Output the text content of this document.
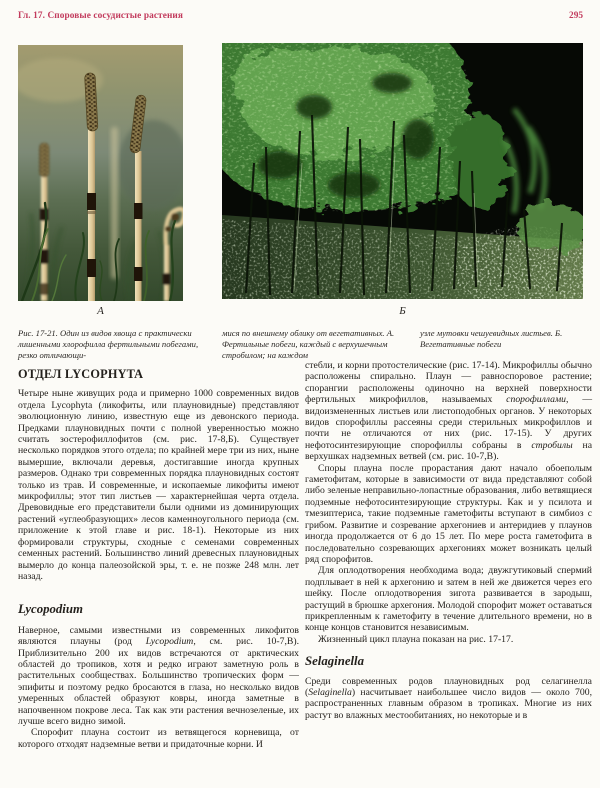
Гл. 17. Споровые сосудистые растения	295
А	Б
Рис. 17-21. Один из видов хвоща с практически лишенными хлорофилла фертильными побегами, резко отличающи-
мися по внешнему облику от вегетативных. А. Фертильные побеги, каждый с верхушечным стробилом; на каждом
узле мутовки чешуевидных листьев. Б. Вегетативные побеги
ОТДЕЛ LYCOPHYTA

Четыре ныне живущих рода и примерно 1000 современных видов отдела Lycophyta (ликофиты, или плауновидные) представляют эволюционную линию, известную еще из девонского периода. Предками плауновидных почти с полной уверенностью можно считать зостерофиллофитов (см. рис. 17-8,Б). Существует несколько порядков этого отдела; по крайней мере три из них, ныне вымершие, включали деревья, достигавшие иногда крупных размеров. Однако три современных порядка плауновидных состоят только из трав. И современные, и ископаемые ликофиты имеют микрофиллы; этот тип листьев — характернейшая черта отдела. Древовидные его представители были одними из доминирующих растений «углеобразующих» лесов каменноугольного периода (см. приложение к этой главе и рис. 18-1). Некоторые из них формировали структуры, сходные с семенами современных семенных растений. Большинство линий древесных плауновидных вымерло до конца палеозойской эры, т. е. не позже 248 млн. лет назад.

Lycopodium

Наверное, самыми известными из современных ликофитов являются плауны (род Lycopodium, см. рис. 10-7,В). Приблизительно 200 их видов встречаются от арктических областей до тропиков, хотя и редко играют заметную роль в растительных сообществах. Большинство тропических форм — эпифиты и поэтому редко бросаются в глаза, но несколько видов умеренных областей образуют ковры, иногда заметные в напочвенном покрове леса. Так как эти растения вечнозеленые, их лучше всего видно зимой.

Спорофит плауна состоит из ветвящегося корневища, от которого отходят надземные ветви и придаточные корни. И

стебли, и корни протостелические (рис. 17-14). Микрофиллы обычно расположены спирально. Плаун — равноспоровое растение; спорангии расположены одиночно на верхней поверхности фертильных микрофиллов, называемых спорофиллами, — видоизмененных листьев или листоподобных органов. У некоторых видов спорофиллы рассеяны среди стерильных микрофиллов и почти не отличаются от них (рис. 17-15). У других нефотосинтезирующие спорофиллы собраны в стробилы на верхушках надземных ветвей (см. рис. 10-7,В).

Споры плауна после прорастания дают начало обоеполым гаметофитам, которые в зависимости от вида представляют собой либо зеленые неправильно-лопастные образования, либо ветвящиеся подземные нефотосинтезирующие структуры. Как и у псилота и тмезиптериса, такие подземные гаметофиты вступают в симбиоз с грибом. Развитие и созревание архегониев и антеридиев у плаунов иногда продолжается от 6 до 15 лет. По мере роста гаметофита в последовательно созревающих архегониях может возникать целый ряд спорофитов.

Для оплодотворения необходима вода; двужгутиковый спермий подплывает в ней к архегонию и затем в ней же движется через его шейку. После оплодотворения зигота развивается в зародыш, растущий в брюшке архегония. Молодой спорофит может оставаться прикрепленным к гаметофиту в течение длительного времени, но в конце концов становится независимым.

Жизненный цикл плауна показан на рис. 17-17.

Selaginella

Среди современных родов плауновидных род селагинелла (Selaginella) насчитывает наибольшее число видов — около 700, распространенных главным образом в тропиках. Многие из них растут во влажных местообитаниях, но некоторые и в
